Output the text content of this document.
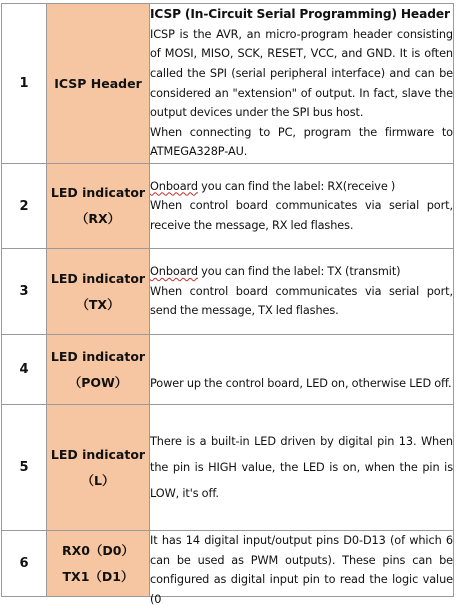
1	ICSP Header	ICSP (In-Circuit Serial Programming) Header
ICSP is the AVR, an micro-program header consisting of MOSI, MISO, SCK, RESET, VCC, and GND. It is often called the SPI (serial peripheral interface) and can be considered an "extension" of output. In fact, slave the output devices under the SPI bus host.
When connecting to PC, program the firmware to ATMEGA328P-AU.

2	LED indicator
（RX）	Onboard you can find the label: RX(receive )
When control board communicates via serial port, receive the message, RX led flashes.

3	LED indicator
（TX）	Onboard you can find the label: TX (transmit)
When control board communicates via serial port, send the message, TX led flashes.

4	LED indicator
（POW）	Power up the control board, LED on, otherwise LED off.

5	LED indicator
（L）	There is a built-in LED driven by digital pin 13. When the pin is HIGH value, the LED is on, when the pin is LOW, it's off.

6	RX0（D0）
TX1（D1）	It has 14 digital input/output pins D0-D13 (of which 6 can be used as PWM outputs). These pins can be configured as digital input pin to read the logic value (0
